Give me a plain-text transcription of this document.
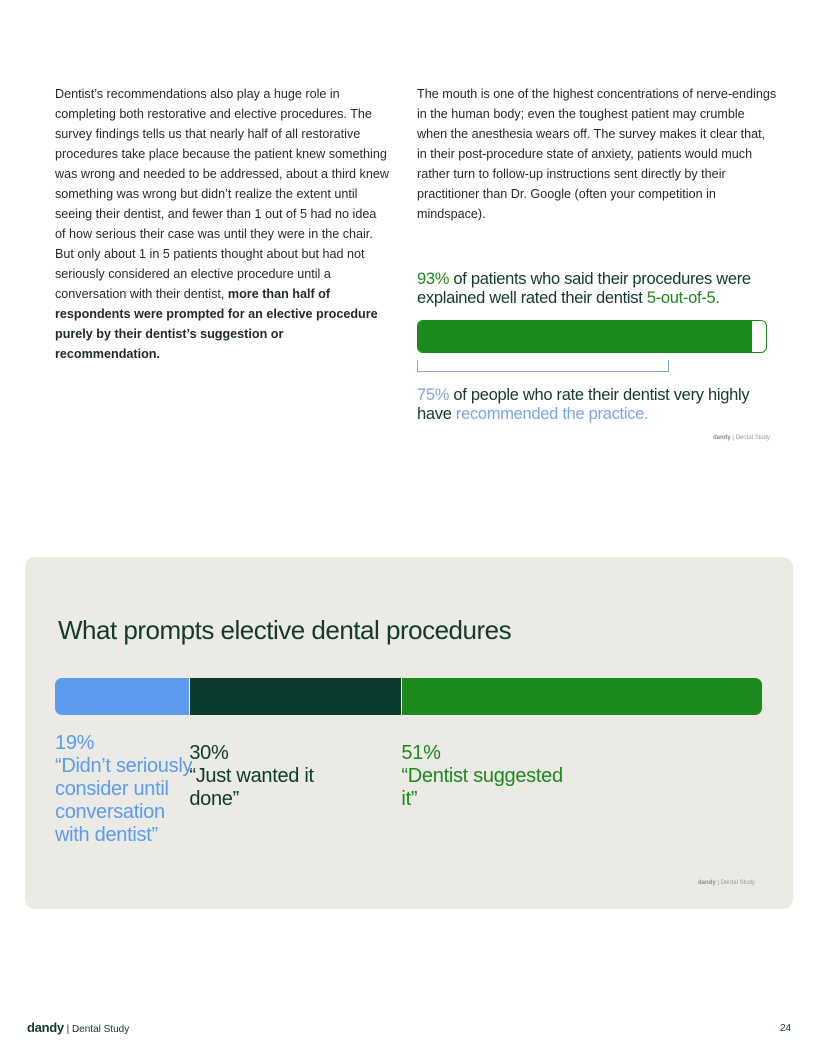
Dentist’s recommendations also play a huge role in completing both restorative and elective procedures. The survey findings tells us that nearly half of all restorative procedures take place because the patient knew something was wrong and needed to be addressed, about a third knew something was wrong but didn’t realize the extent until seeing their dentist, and fewer than 1 out of 5 had no idea of how serious their case was until they were in the chair. But only about 1 in 5 patients thought about but had not seriously considered an elective procedure until a conversation with their dentist, more than half of respondents were prompted for an elective procedure purely by their dentist’s suggestion or recommendation.
The mouth is one of the highest concentrations of nerve-endings in the human body; even the toughest patient may crumble when the anesthesia wears off. The survey makes it clear that, in their post-procedure state of anxiety, patients would much rather turn to follow-up instructions sent directly by their practitioner than Dr. Google (often your competition in mindspace).
93% of patients who said their procedures were explained well rated their dentist 5-out-of-5.
75% of people who rate their dentist very highly have recommended the practice.
dandy | Dental Study
What prompts elective dental procedures
19%
“Didn’t seriously consider until conversation with dentist”
30%
“Just wanted it done”
51%
“Dentist suggested it”
dandy | Dental Study
dandy | Dental Study	24
